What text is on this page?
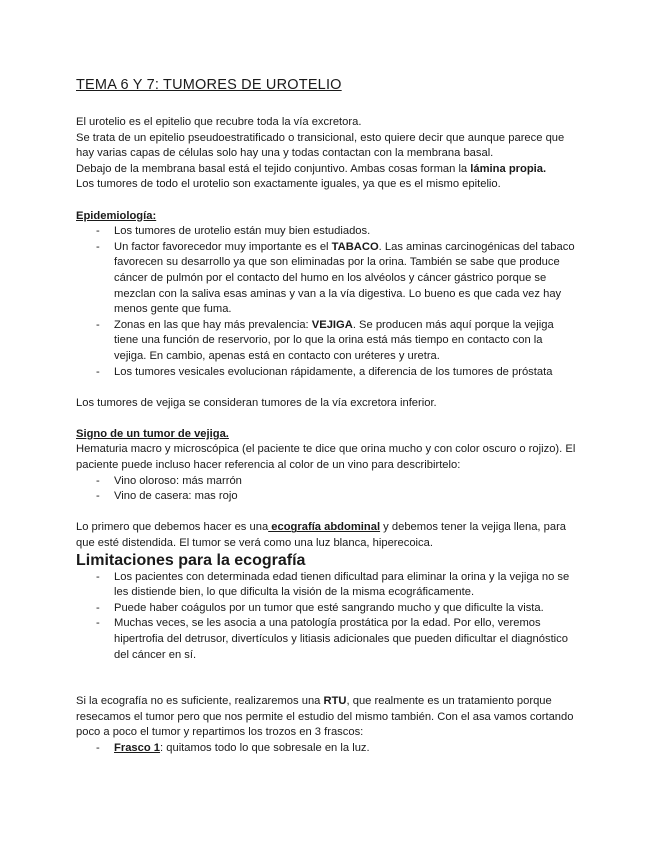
TEMA 6 Y 7: TUMORES DE UROTELIO

El urotelio es el epitelio que recubre toda la vía excretora.

Se trata de un epitelio pseudoestratificado o transicional, esto quiere decir que aunque parece que hay varias capas de células solo hay una y todas contactan con la membrana basal.

Debajo de la membrana basal está el tejido conjuntivo. Ambas cosas forman la lámina propia.

Los tumores de todo el urotelio son exactamente iguales, ya que es el mismo epitelio.

Epidemiología:
- Los tumores de urotelio están muy bien estudiados.
- Un factor favorecedor muy importante es el TABACO. Las aminas carcinogénicas del tabaco favorecen su desarrollo ya que son eliminadas por la orina. También se sabe que produce cáncer de pulmón por el contacto del humo en los alvéolos y cáncer gástrico porque se mezclan con la saliva esas aminas y van a la vía digestiva. Lo bueno es que cada vez hay menos gente que fuma.
- Zonas en las que hay más prevalencia: VEJIGA. Se producen más aquí porque la vejiga tiene una función de reservorio, por lo que la orina está más tiempo en contacto con la vejiga. En cambio, apenas está en contacto con uréteres y uretra.
- Los tumores vesicales evolucionan rápidamente, a diferencia de los tumores de próstata

Los tumores de vejiga se consideran tumores de la vía excretora inferior.

Signo de un tumor de vejiga.

Hematuria macro y microscópica (el paciente te dice que orina mucho y con color oscuro o rojizo). El paciente puede incluso hacer referencia al color de un vino para describirtelo:

- Vino oloroso: más marrón
- Vino de casera: mas rojo

Lo primero que debemos hacer es una ecografía abdominal y debemos tener la vejiga llena, para que esté distendida. El tumor se verá como una luz blanca, hiperecoica.

Limitaciones para la ecografía
- Los pacientes con determinada edad tienen dificultad para eliminar la orina y la vejiga no se les distiende bien, lo que dificulta la visión de la misma ecográficamente.
- Puede haber coágulos por un tumor que esté sangrando mucho y que dificulte la vista.
- Muchas veces, se les asocia a una patología prostática por la edad. Por ello, veremos hipertrofia del detrusor, divertículos y litiasis adicionales que pueden dificultar el diagnóstico del cáncer en sí.

Si la ecografía no es suficiente, realizaremos una RTU, que realmente es un tratamiento porque resecamos el tumor pero que nos permite el estudio del mismo también. Con el asa vamos cortando poco a poco el tumor y repartimos los trozos en 3 frascos:

- Frasco 1: quitamos todo lo que sobresale en la luz.
